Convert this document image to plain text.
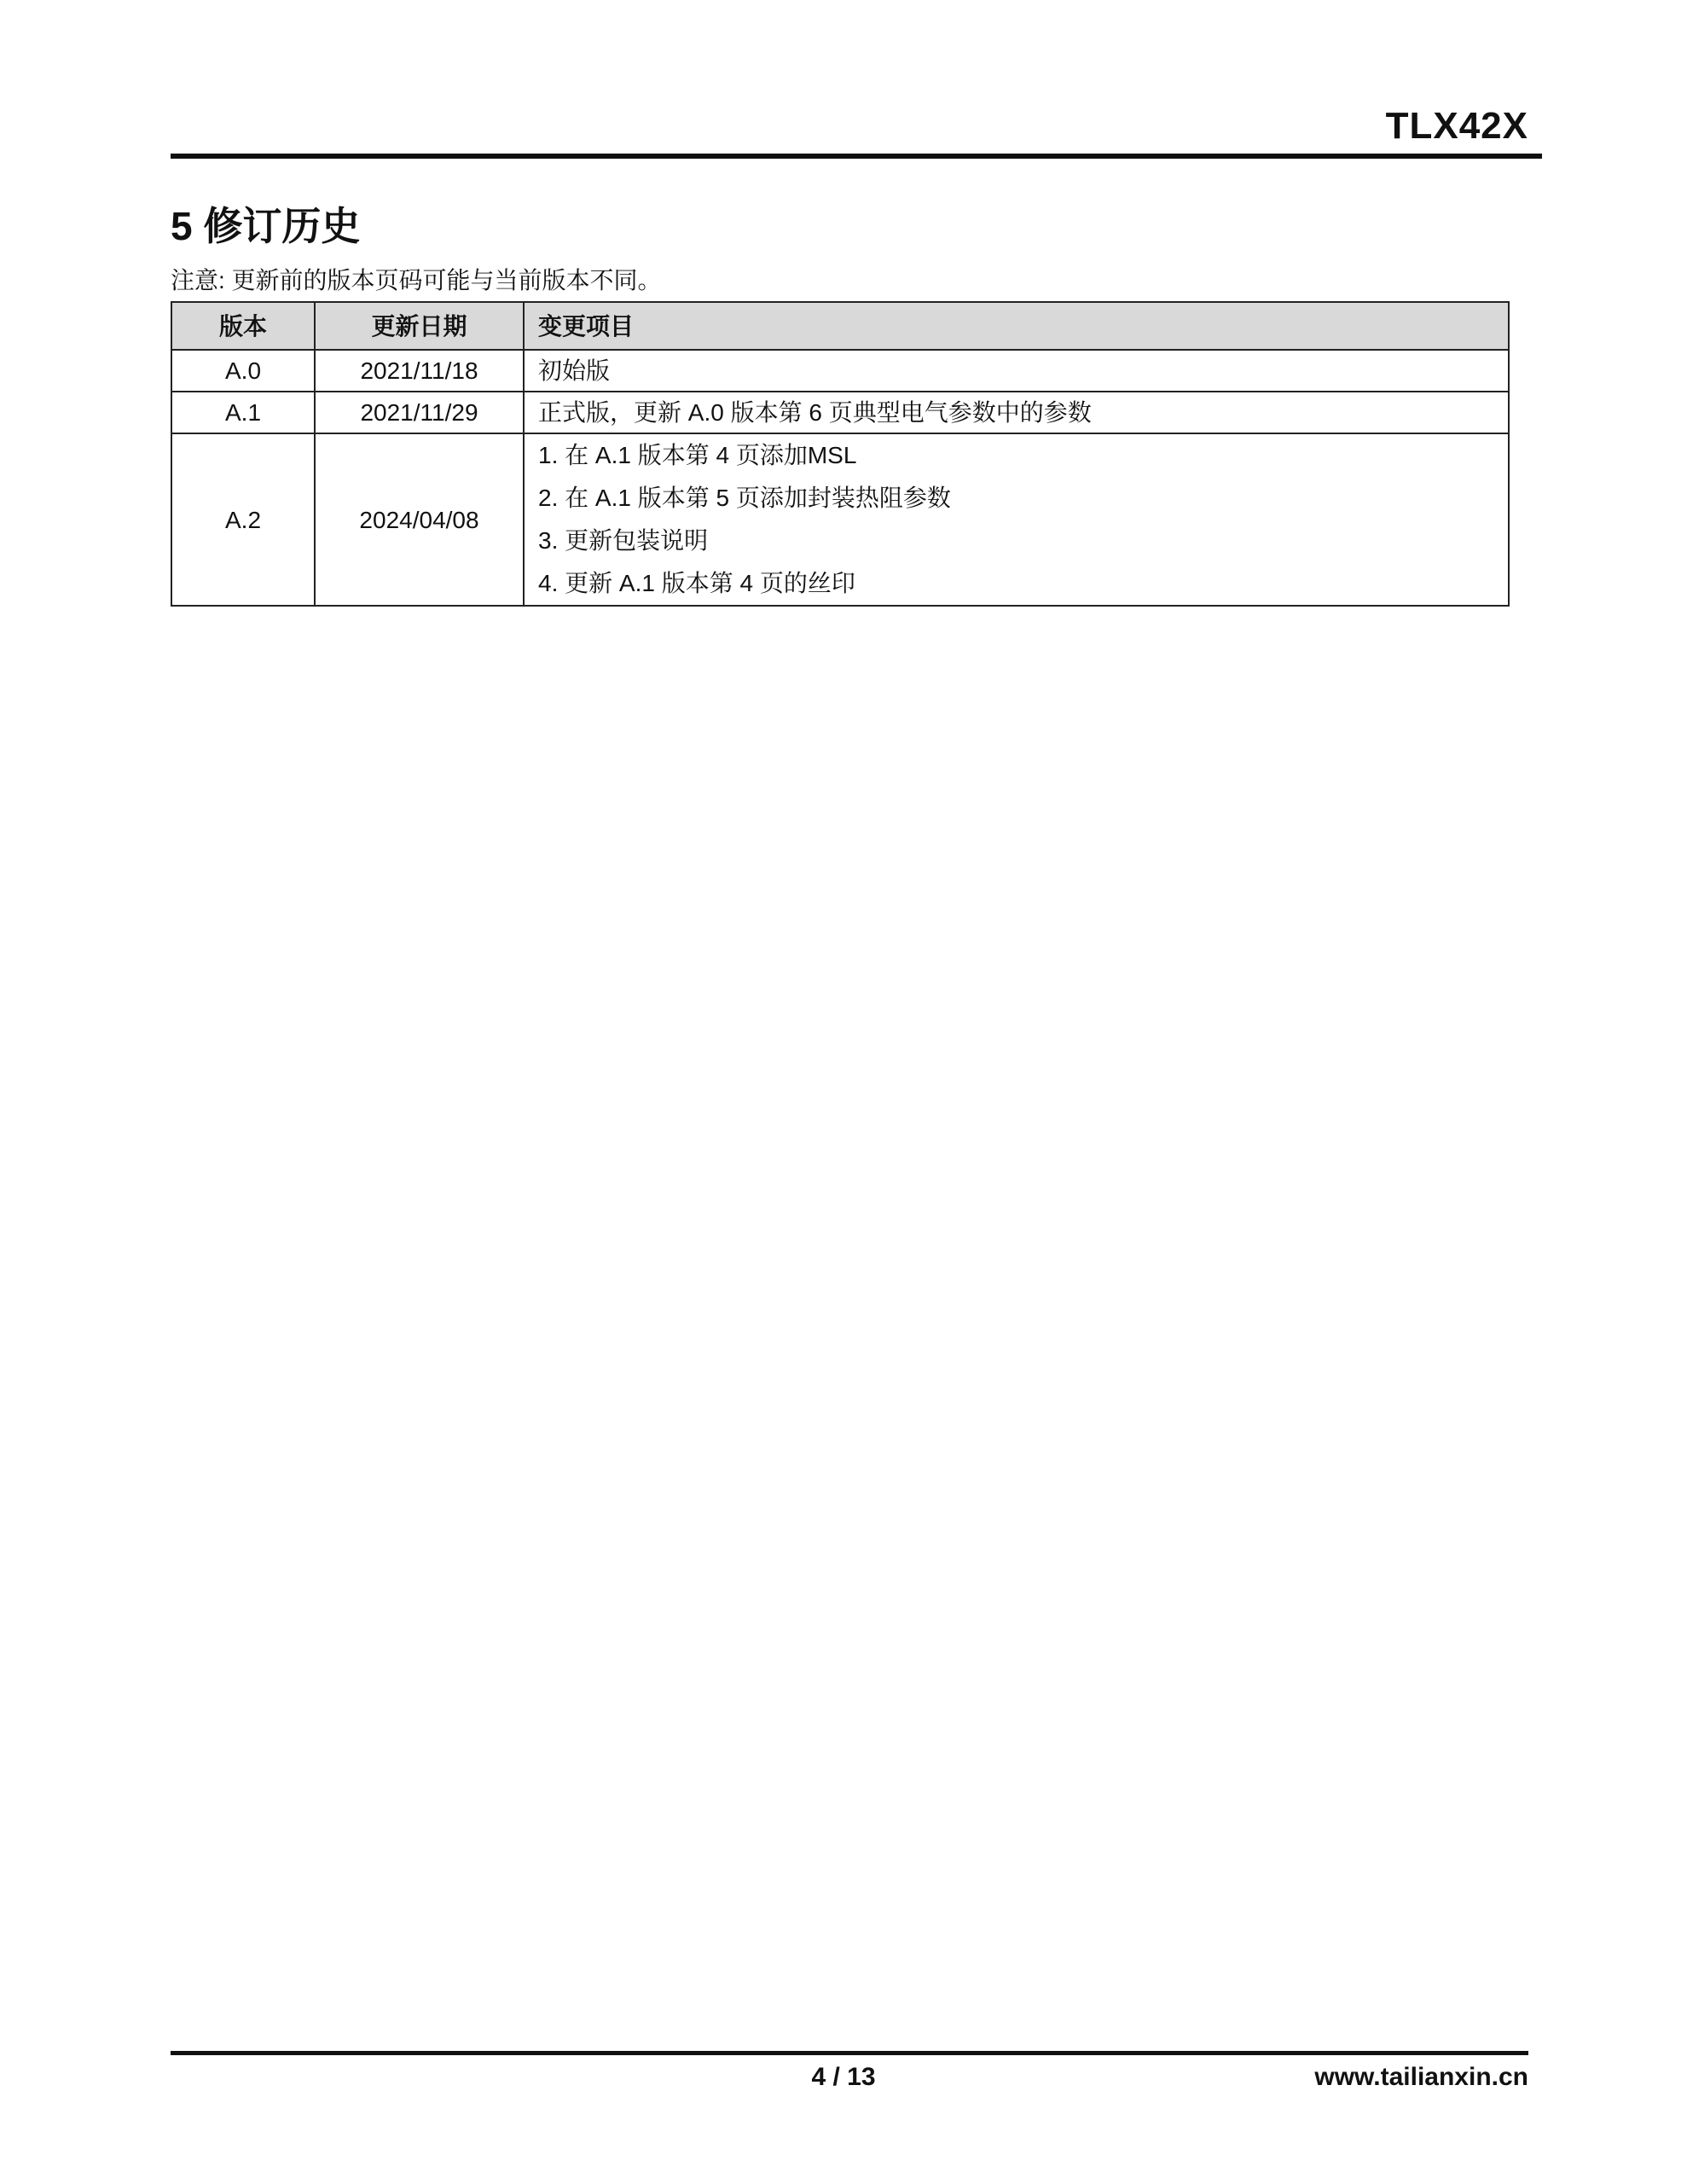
TLX42X
5 修订历史
注意: 更新前的版本页码可能与当前版本不同。
版本	更新日期	变更项目
A.0	2021/11/18	初始版
A.1	2021/11/29	正式版，更新 A.0 版本第 6 页典型电气参数中的参数
A.2	2024/04/08	1. 在 A.1 版本第 4 页添加MSL
2. 在 A.1 版本第 5 页添加封装热阻参数
3. 更新包装说明
4. 更新 A.1 版本第 4 页的丝印
4 / 13	www.tailianxin.cn
